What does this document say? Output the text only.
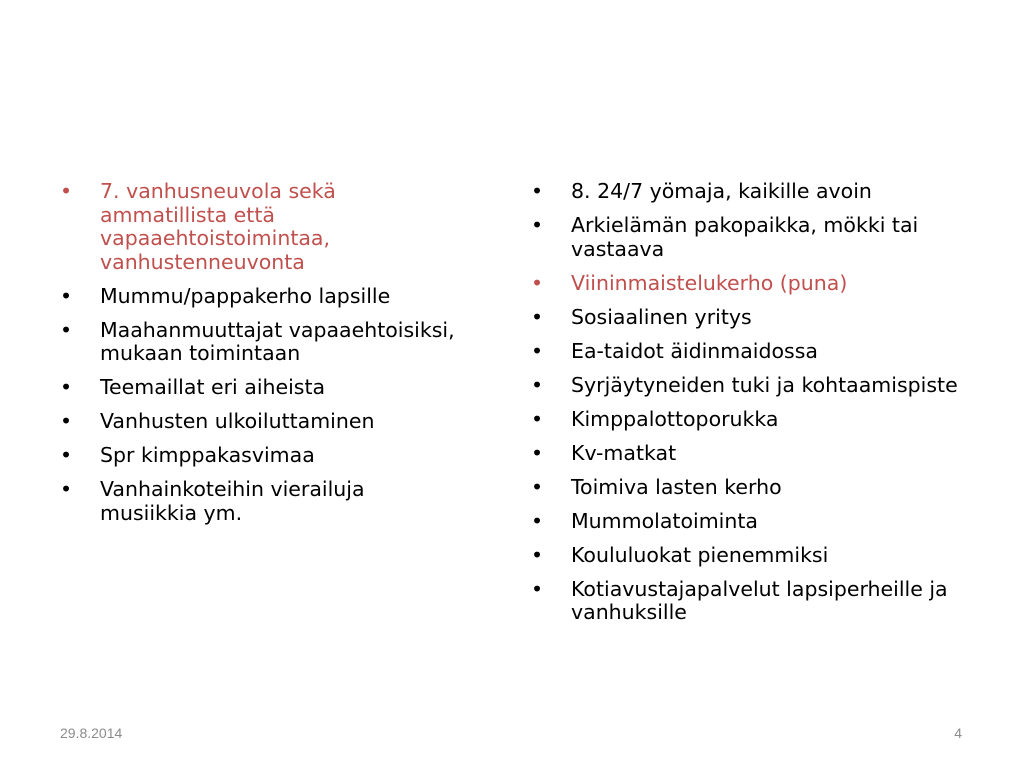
•	7. vanhusneuvola sekä ammatillista että vapaaehtoistoimintaa, vanhustenneuvonta
•	Mummu/pappakerho lapsille
•	Maahanmuuttajat vapaaehtoisiksi, mukaan toimintaan
•	Teemaillat eri aiheista
•	Vanhusten ulkoiluttaminen
•	Spr kimppakasvimaa
•	Vanhainkoteihin vierailuja musiikkia ym.
•	8. 24/7 yömaja, kaikille avoin
•	Arkielämän pakopaikka, mökki tai vastaava
•	Viininmaistelukerho (puna)
•	Sosiaalinen yritys
•	Ea-taidot äidinmaidossa
•	Syrjäytyneiden tuki ja kohtaamispiste
•	Kimppalottoporukka
•	Kv-matkat
•	Toimiva lasten kerho
•	Mummolatoiminta
•	Koululuokat pienemmiksi
•	Kotiavustajapalvelut lapsiperheille ja vanhuksille
29.8.2014	4
